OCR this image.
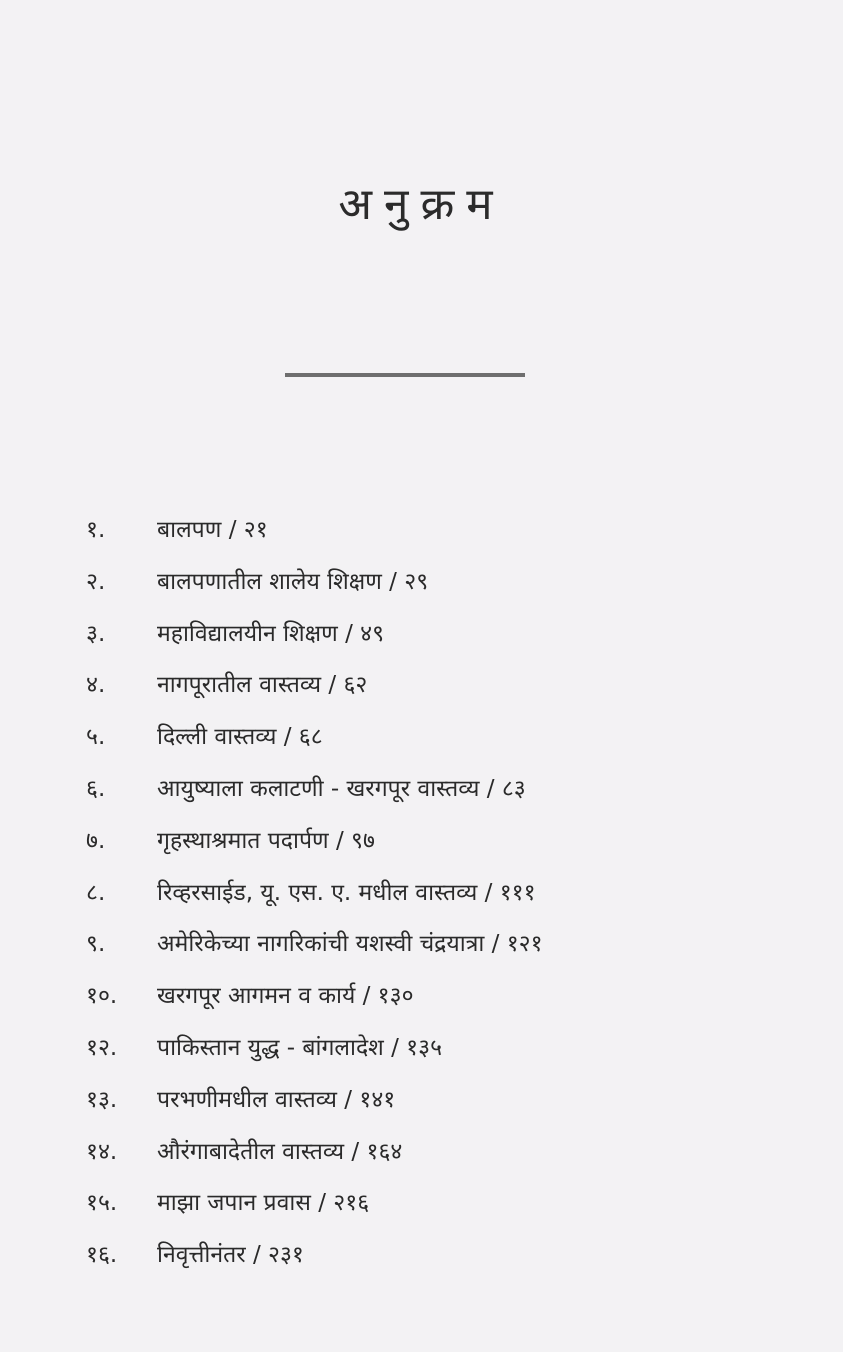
अनुक्रम
१. बालपण / २१
२. बालपणातील शालेय शिक्षण / २९
३. महाविद्यालयीन शिक्षण / ४९
४. नागपूरातील वास्तव्य / ६२
५. दिल्ली वास्तव्य / ६८
६. आयुष्याला कलाटणी - खरगपूर वास्तव्य / ८३
७. गृहस्थाश्रमात पदार्पण / ९७
८. रिव्हरसाईड, यू. एस. ए. मधील वास्तव्य / १११
९. अमेरिकेच्या नागरिकांची यशस्वी चंद्रयात्रा / १२१
१०. खरगपूर आगमन व कार्य / १३०
१२. पाकिस्तान युद्ध - बांगलादेश / १३५
१३. परभणीमधील वास्तव्य / १४१
१४. औरंगाबादेतील वास्तव्य / १६४
१५. माझा जपान प्रवास / २१६
१६. निवृत्तीनंतर / २३१
